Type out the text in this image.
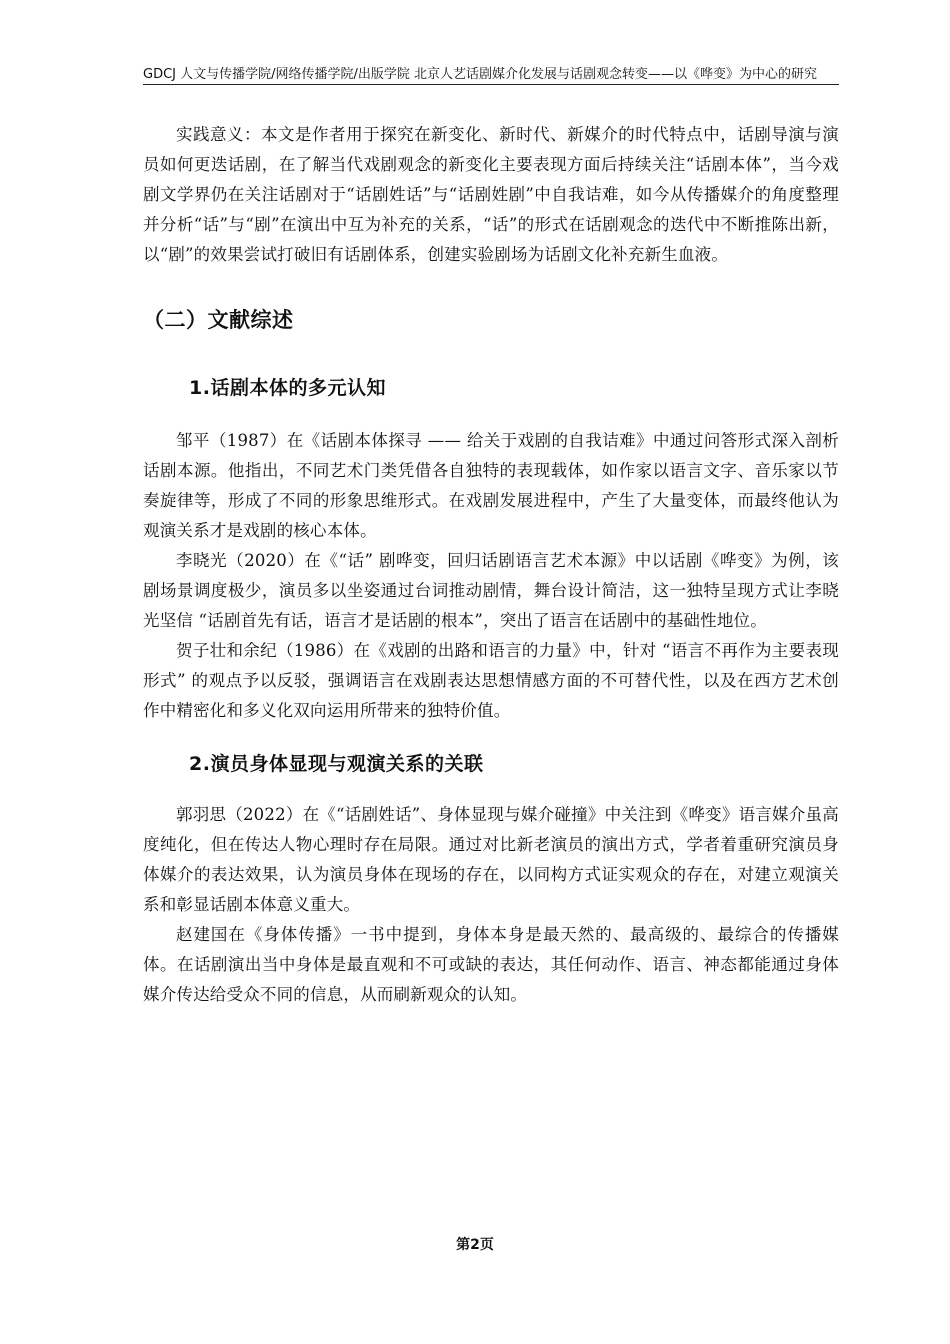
GDCJ 人文与传播学院/网络传播学院/出版学院 北京人艺话剧媒介化发展与话剧观念转变——以《哗变》为中心的研究

实践意义：本文是作者用于探究在新变化、新时代、新媒介的时代特点中，话剧导演与演员如何更迭话剧，在了解当代戏剧观念的新变化主要表现方面后持续关注“话剧本体”，当今戏剧文学界仍在关注话剧对于“话剧姓话”与“话剧姓剧”中自我诘难，如今从传播媒介的角度整理并分析“话”与“剧”在演出中互为补充的关系，“话”的形式在话剧观念的迭代中不断推陈出新，以“剧”的效果尝试打破旧有话剧体系，创建实验剧场为话剧文化补充新生血液。

（二）文献综述
1.话剧本体的多元认知

邹平（1987）在《话剧本体探寻 —— 给关于戏剧的自我诘难》中通过问答形式深入剖析话剧本源。他指出，不同艺术门类凭借各自独特的表现载体，如作家以语言文字、音乐家以节奏旋律等，形成了不同的形象思维形式。在戏剧发展进程中，产生了大量变体，而最终他认为观演关系才是戏剧的核心本体。

李晓光（2020）在《“话” 剧哗变，回归话剧语言艺术本源》中以话剧《哗变》为例，该剧场景调度极少，演员多以坐姿通过台词推动剧情，舞台设计简洁，这一独特呈现方式让李晓光坚信 “话剧首先有话，语言才是话剧的根本”，突出了语言在话剧中的基础性地位。

贺子壮和余纪（1986）在《戏剧的出路和语言的力量》中，针对 “语言不再作为主要表现形式” 的观点予以反驳，强调语言在戏剧表达思想情感方面的不可替代性，以及在西方艺术创作中精密化和多义化双向运用所带来的独特价值。

2.演员身体显现与观演关系的关联

郭羽思（2022）在《“话剧姓话”、身体显现与媒介碰撞》中关注到《哗变》语言媒介虽高度纯化，但在传达人物心理时存在局限。通过对比新老演员的演出方式，学者着重研究演员身体媒介的表达效果，认为演员身体在现场的存在，以同构方式证实观众的存在，对建立观演关系和彰显话剧本体意义重大。

赵建国在《身体传播》一书中提到，身体本身是最天然的、最高级的、最综合的传播媒体。在话剧演出当中身体是最直观和不可或缺的表达，其任何动作、语言、神态都能通过身体媒介传达给受众不同的信息，从而刷新观众的认知。

第2页
